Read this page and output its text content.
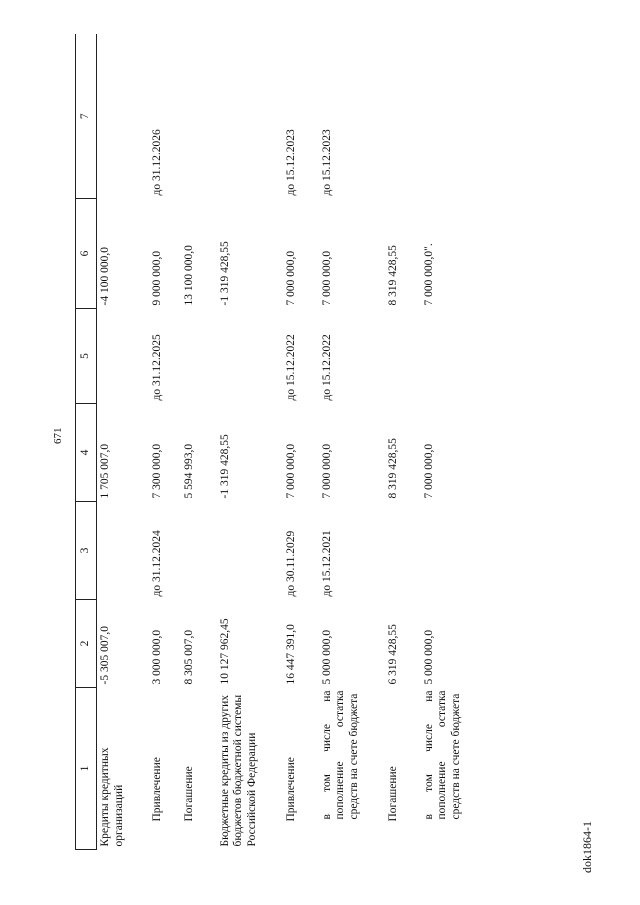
671
1	2	3	4	5	6	7
Кредиты кредитных организаций	-5 305 007,0		1 705 007,0		-4 100 000,0	
Привлечение	3 000 000,0	до 31.12.2024	7 300 000,0	до 31.12.2025	9 000 000,0	до 31.12.2026
Погашение	8 305 007,0		5 594 993,0		13 100 000,0	
Бюджетные кредиты из других бюджетов бюджетной системы Российской Федерации	10 127 962,45		-1 319 428,55		-1 319 428,55	
Привлечение	16 447 391,0	до 30.11.2029	7 000 000,0	до 15.12.2022	7 000 000,0	до 15.12.2023
в том числе на пополнение остатка средств на счете бюджета	5 000 000,0	до 15.12.2021	7 000 000,0	до 15.12.2022	7 000 000,0	до 15.12.2023
Погашение	6 319 428,55		8 319 428,55		8 319 428,55	
в том числе на пополнение остатка средств на счете бюджета	5 000 000,0		7 000 000,0		7 000 000,0".	
dok1864-1
